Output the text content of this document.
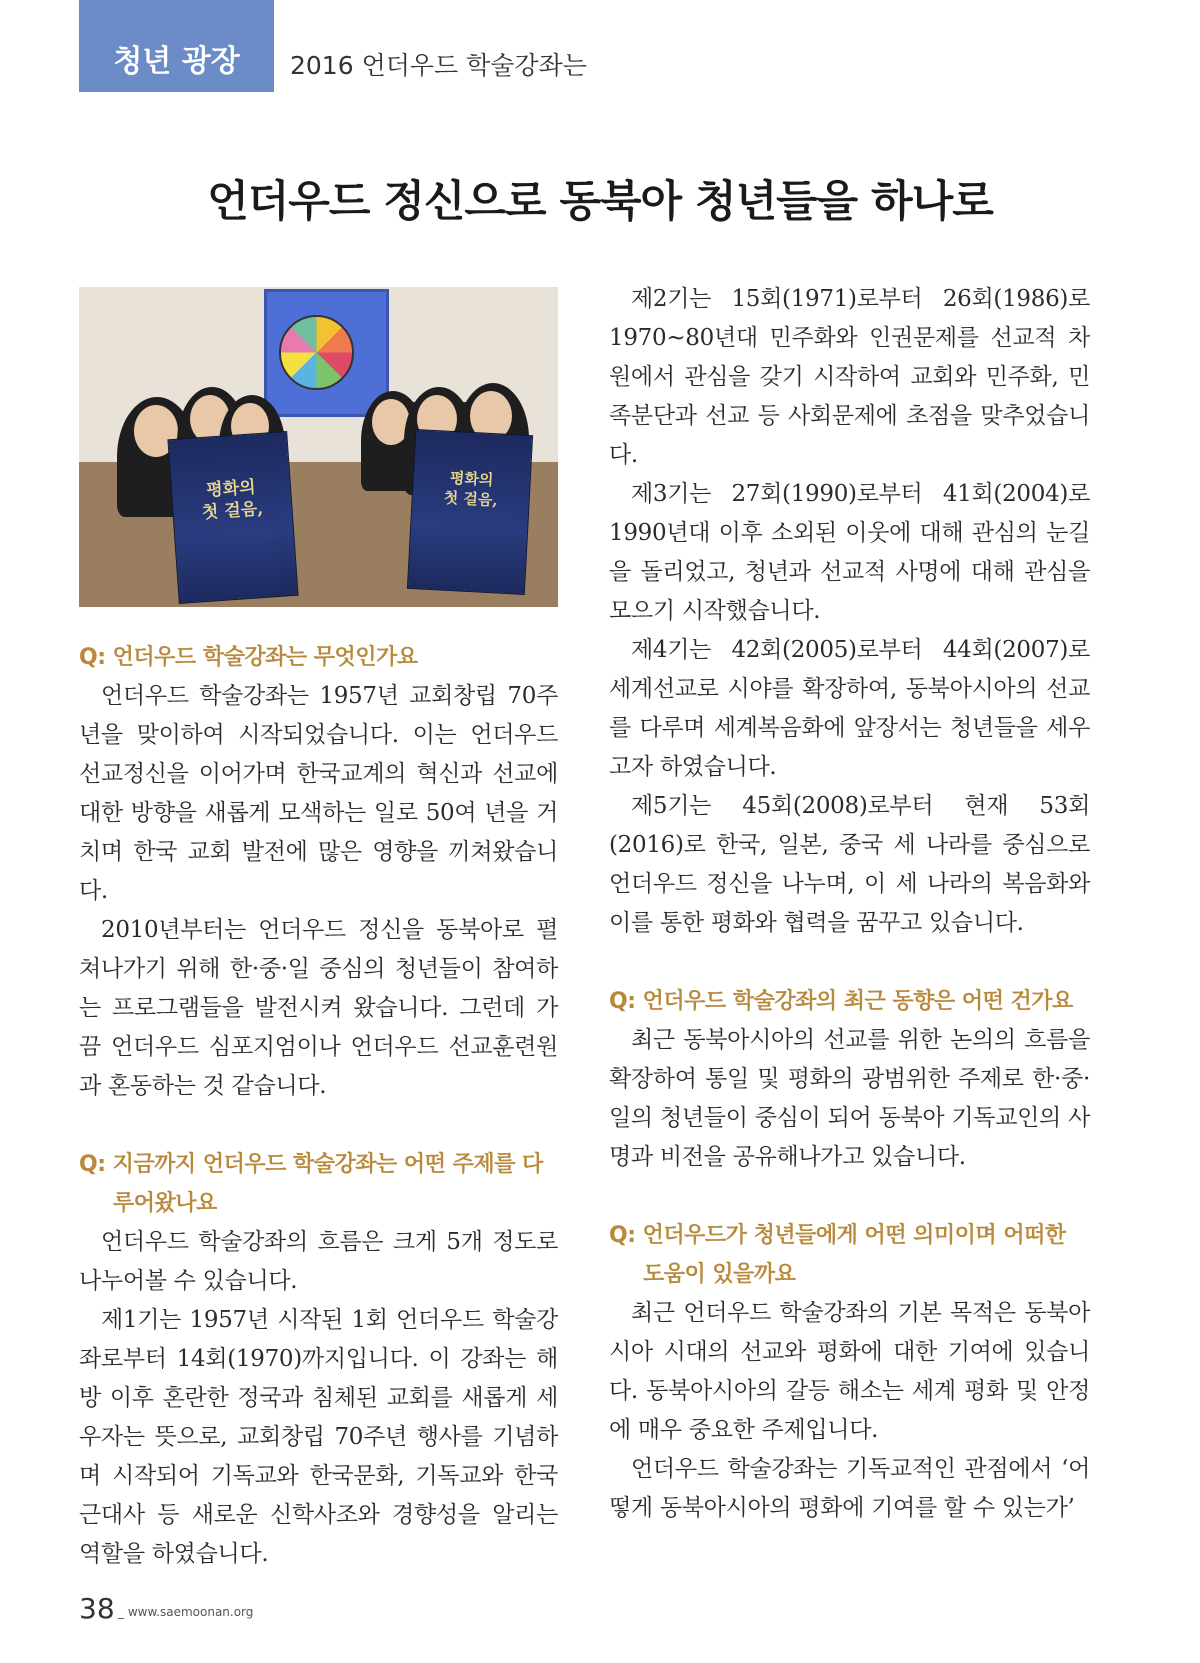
청년 광장 2016 언더우드 학술강좌는
언더우드 정신으로 동북아 청년들을 하나로
평화의
첫 걸음,
평화의
첫 걸음,
Q: 언더우드 학술강좌는 무엇인가요

언더우드 학술강좌는 1957년 교회창립 70주년을 맞이하여 시작되었습니다. 이는 언더우드 선교정신을 이어가며 한국교계의 혁신과 선교에 대한 방향을 새롭게 모색하는 일로 50여 년을 거치며 한국 교회 발전에 많은 영향을 끼쳐왔습니다.

2010년부터는 언더우드 정신을 동북아로 펼쳐나가기 위해 한·중·일 중심의 청년들이 참여하는 프로그램들을 발전시켜 왔습니다. 그런데 가끔 언더우드 심포지엄이나 언더우드 선교훈련원과 혼동하는 것 같습니다.

Q: 지금까지 언더우드 학술강좌는 어떤 주제를 다루어왔나요

언더우드 학술강좌의 흐름은 크게 5개 정도로 나누어볼 수 있습니다.

제1기는 1957년 시작된 1회 언더우드 학술강좌로부터 14회(1970)까지입니다. 이 강좌는 해방 이후 혼란한 정국과 침체된 교회를 새롭게 세우자는 뜻으로, 교회창립 70주년 행사를 기념하며 시작되어 기독교와 한국문화, 기독교와 한국근대사 등 새로운 신학사조와 경향성을 알리는 역할을 하였습니다.

제2기는 15회(1971)로부터 26회(1986)로 1970~80년대 민주화와 인권문제를 선교적 차원에서 관심을 갖기 시작하여 교회와 민주화, 민족분단과 선교 등 사회문제에 초점을 맞추었습니다.

제3기는 27회(1990)로부터 41회(2004)로 1990년대 이후 소외된 이웃에 대해 관심의 눈길을 돌리었고, 청년과 선교적 사명에 대해 관심을 모으기 시작했습니다.

제4기는 42회(2005)로부터 44회(2007)로 세계선교로 시야를 확장하여, 동북아시아의 선교를 다루며 세계복음화에 앞장서는 청년들을 세우고자 하였습니다.

제5기는 45회(2008)로부터 현재 53회(2016)로 한국, 일본, 중국 세 나라를 중심으로 언더우드 정신을 나누며, 이 세 나라의 복음화와 이를 통한 평화와 협력을 꿈꾸고 있습니다.

Q: 언더우드 학술강좌의 최근 동향은 어떤 건가요

최근 동북아시아의 선교를 위한 논의의 흐름을 확장하여 통일 및 평화의 광범위한 주제로 한·중·일의 청년들이 중심이 되어 동북아 기독교인의 사명과 비전을 공유해나가고 있습니다.

Q: 언더우드가 청년들에게 어떤 의미이며 어떠한 도움이 있을까요

최근 언더우드 학술강좌의 기본 목적은 동북아시아 시대의 선교와 평화에 대한 기여에 있습니다. 동북아시아의 갈등 해소는 세계 평화 및 안정에 매우 중요한 주제입니다.

언더우드 학술강좌는 기독교적인 관점에서 ‘어떻게 동북아시아의 평화에 기여를 할 수 있는가’

38 _ www.saemoonan.org
